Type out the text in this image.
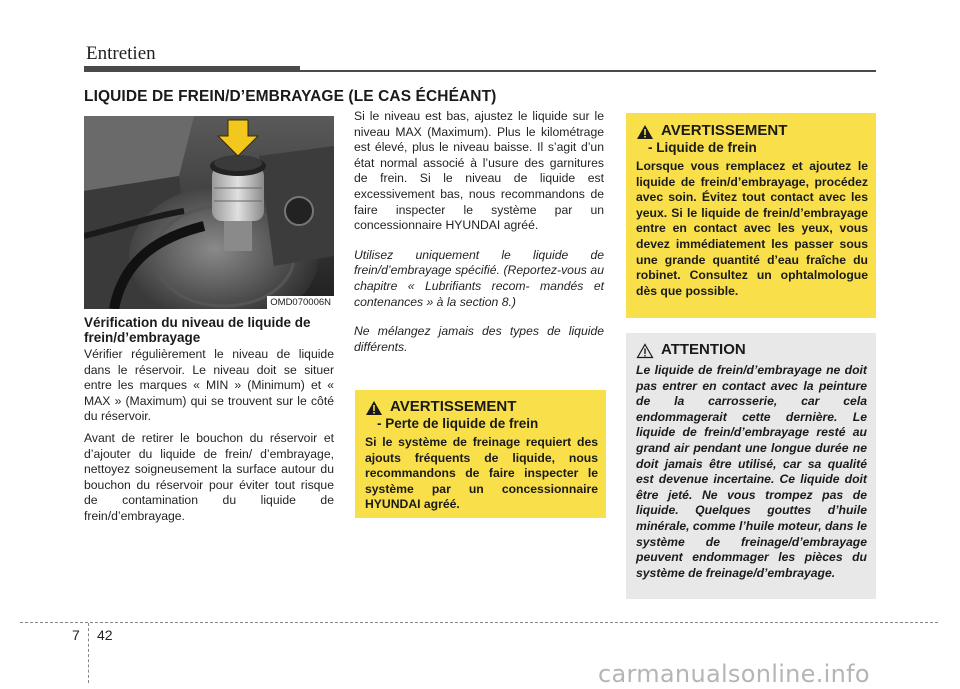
Entretien
LIQUIDE DE FREIN/D’EMBRAYAGE (LE CAS ÉCHÉANT)
OMD070006N
Vérification du niveau de liquide de frein/d’embrayage

Vérifier régulièrement le niveau de liquide dans le réservoir. Le niveau doit se situer entre les marques « MIN » (Minimum) et « MAX » (Maximum) qui se trouvent sur le côté du réservoir.

Avant de retirer le bouchon du réservoir et d’ajouter du liquide de frein/ d’embrayage, nettoyez soigneusement la surface autour du bouchon du réservoir pour éviter tout risque de contamination du liquide de frein/d’embrayage.

Si le niveau est bas, ajustez le liquide sur le niveau MAX (Maximum). Plus le kilométrage est élevé, plus le niveau baisse. Il s’agit d’un état normal associé à l’usure des garnitures de frein. Si le niveau de liquide est excessivement bas, nous recommandons de faire inspecter le système par un concessionnaire HYUNDAI agréé.

Utilisez uniquement le liquide de frein/d’embrayage spécifié. (Reportez-vous au chapitre « Lubrifiants recom- mandés et contenances » à la section 8.)

Ne mélangez jamais des types de liquide différents.

AVERTISSEMENT
- Liquide de frein
Lorsque vous remplacez et ajoutez le liquide de frein/d’embrayage, procédez avec soin. Évitez tout contact avec les yeux. Si le liquide de frein/d’embrayage entre en contact avec les yeux, vous devez immédiatement les passer sous une grande quantité d’eau fraîche du robinet. Consultez un ophtalmologue dès que possible.
AVERTISSEMENT
- Perte de liquide de frein
Si le système de freinage requiert des ajouts fréquents de liquide, nous recommandons de faire inspecter le système par un concessionnaire HYUNDAI agréé.
ATTENTION
Le liquide de frein/d’embrayage ne doit pas entrer en contact avec la peinture de la carrosserie, car cela endommagerait cette dernière. Le liquide de frein/d’embrayage resté au grand air pendant une longue durée ne doit jamais être utilisé, car sa qualité est devenue incertaine. Ce liquide doit être jeté. Ne vous trompez pas de liquide. Quelques gouttes d’huile minérale, comme l’huile moteur, dans le système de freinage/d’embrayage peuvent endommager les pièces du système de freinage/d’embrayage.
7 42
carmanualsonline.info
